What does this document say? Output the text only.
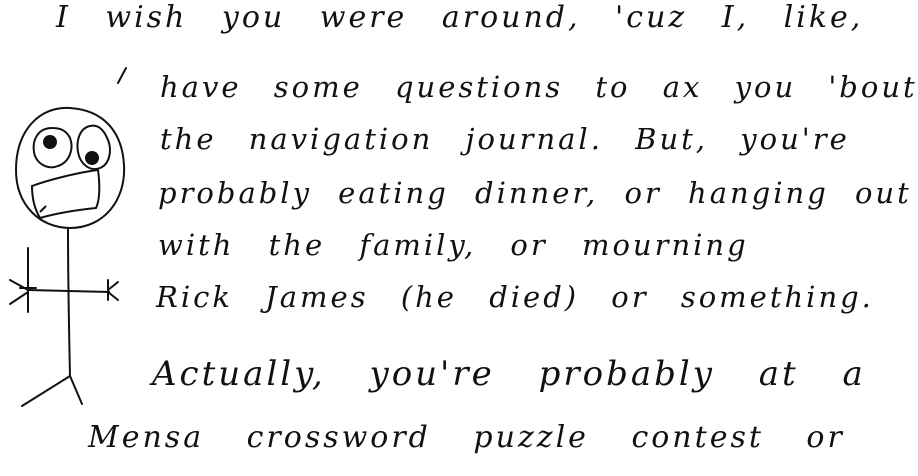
I wish you were around, 'cuz I, like,
have some questions to ax you 'bout
the navigation journal. But, you're
probably eating dinner, or hanging out
with the family, or mourning
Rick James (he died) or something.
Actually, you're probably at a
Mensa crossword puzzle contest or
